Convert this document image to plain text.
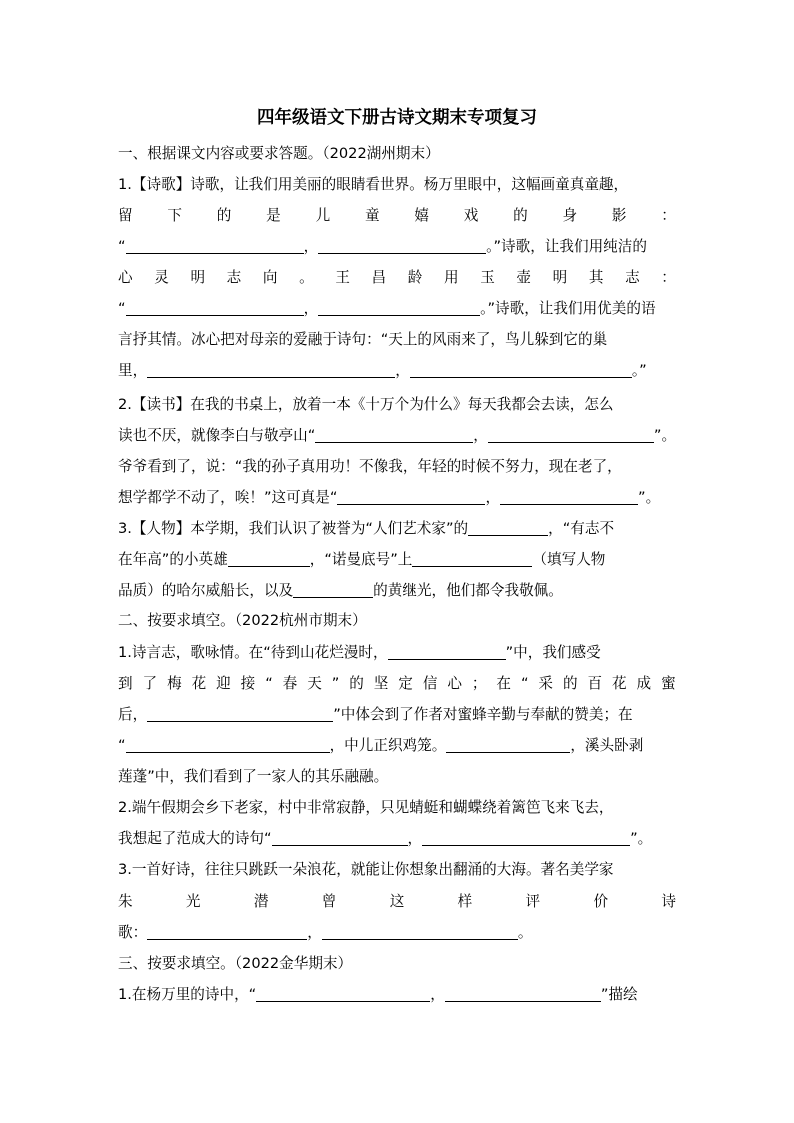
四年级语文下册古诗文期末专项复习
一、根据课文内容或要求答题。（2022湖州期末）
1.【诗歌】诗歌，让我们用美丽的眼睛看世界。杨万里眼中，这幅画童真童趣，
留 下 的 是 儿 童 嬉 戏 的 身 影 ：
“	，	。”诗歌，让我们用纯洁的
心 灵 明 志 向 。 王 昌 龄 用 玉 壶 明 其 志 ：
“	，	。”诗歌，让我们用优美的语
言抒其情。冰心把对母亲的爱融于诗句：“天上的风雨来了，鸟儿躲到它的巢
里，	，	。”
2.【读书】在我的书桌上，放着一本《十万个为什么》每天我都会去读，怎么
读也不厌，就像李白与敬亭山“	，	”。
爷爷看到了，说：“我的孙子真用功！不像我，年轻的时候不努力，现在老了，
想学都学不动了，唉！”这可真是“	，	”。
3.【人物】本学期，我们认识了被誉为“人们艺术家”的	，“有志不
在年高”的小英雄	，“诺曼底号”上	（填写人物
品质）的哈尔威船长，以及	的黄继光，他们都令我敬佩。
二、按要求填空。（2022杭州市期末）
1.诗言志，歌咏情。在“待到山花烂漫时，	”中，我们感受
到 了 梅 花 迎 接 “ 春 天 ” 的 坚 定 信 心 ； 在 “ 采 的 百 花 成 蜜
后，	”中体会到了作者对蜜蜂辛勤与奉献的赞美；在
“	，中儿正织鸡笼。	，溪头卧剥
莲蓬”中，我们看到了一家人的其乐融融。
2.端午假期会乡下老家，村中非常寂静，只见蜻蜓和蝴蝶绕着篱笆飞来飞去，
我想起了范成大的诗句“	，	”。
3.一首好诗，往往只跳跃一朵浪花，就能让你想象出翻涌的大海。著名美学家
朱	光	潜	曾	这	样	评	价	诗
歌：	，	。
三、按要求填空。（2022金华期末）
1.在杨万里的诗中，“	，	”描绘
